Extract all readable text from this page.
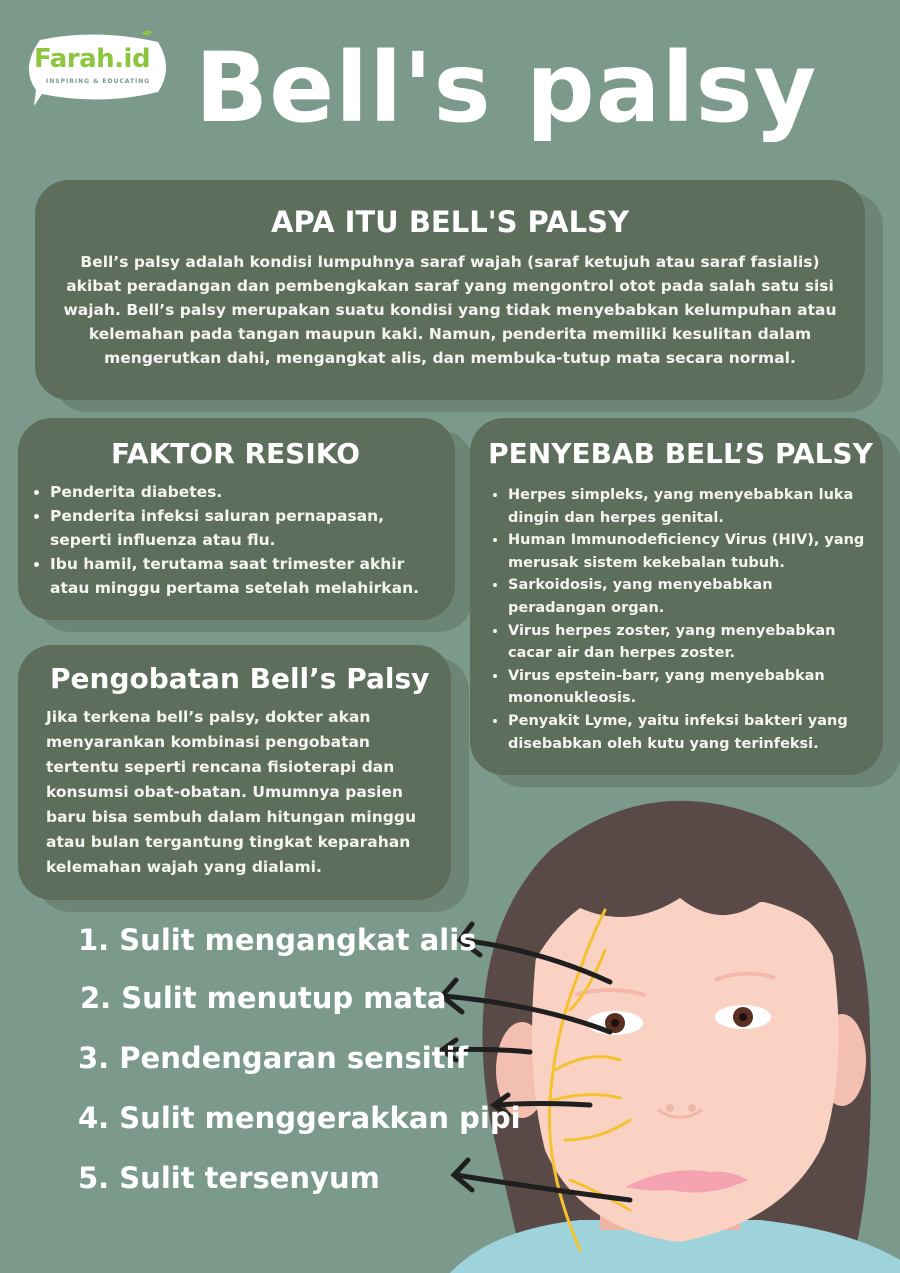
Farah.id
INSPIRING & EDUCATING Bell's palsy
APA ITU BELL'S PALSY

Bell’s palsy adalah kondisi lumpuhnya saraf wajah (saraf ketujuh atau saraf fasialis) akibat peradangan dan pembengkakan saraf yang mengontrol otot pada salah satu sisi wajah. Bell’s palsy merupakan suatu kondisi yang tidak menyebabkan kelumpuhan atau kelemahan pada tangan maupun kaki. Namun, penderita memiliki kesulitan dalam mengerutkan dahi, mengangkat alis, dan membuka-tutup mata secara normal.

FAKTOR RESIKO
• Penderita diabetes.
• Penderita infeksi saluran pernapasan, seperti influenza atau flu.
• Ibu hamil, terutama saat trimester akhir atau minggu pertama setelah melahirkan.
PENYEBAB BELL’S PALSY
• Herpes simpleks, yang menyebabkan luka dingin dan herpes genital.
• Human Immunodeficiency Virus (HIV), yang merusak sistem kekebalan tubuh.
• Sarkoidosis, yang menyebabkan peradangan organ.
• Virus herpes zoster, yang menyebabkan cacar air dan herpes zoster.
• Virus epstein-barr, yang menyebabkan mononukleosis.
• Penyakit Lyme, yaitu infeksi bakteri yang disebabkan oleh kutu yang terinfeksi.
Pengobatan Bell’s Palsy

Jika terkena bell’s palsy, dokter akan menyarankan kombinasi pengobatan tertentu seperti rencana fisioterapi dan konsumsi obat-obatan. Umumnya pasien baru bisa sembuh dalam hitungan minggu atau bulan tergantung tingkat keparahan kelemahan wajah yang dialami.

1. Sulit mengangkat alis
2. Sulit menutup mata
3. Pendengaran sensitif
4. Sulit menggerakkan pipi
5. Sulit tersenyum
